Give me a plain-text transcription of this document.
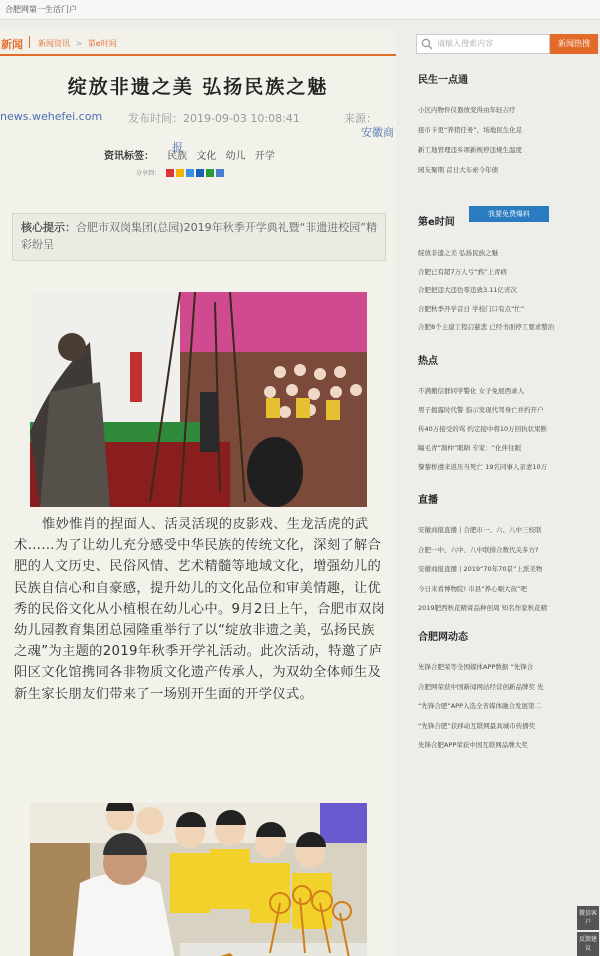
合肥网第一生活门户
新闻 新闻资讯 > 第e时间
绽放非遗之美 弘扬民族之魅
news.wehefei.com 发布时间：2019-09-03 10:08:41	来源：

安徽商报
资讯标签： 民族 文化 幼儿 开学
分享到：
核心提示：合肥市双岗集团(总园)2019年秋季开学典礼暨“非遗进校园”精彩纷呈

惟妙惟肖的捏面人、活灵活现的皮影戏、生龙活虎的武术……为了让幼儿充分感受中华民族的传统文化，深刻了解合肥的人文历史、民俗风情、艺术精髓等地域文化，增强幼儿的民族自信心和自豪感，提升幼儿的文化品位和审美情趣，让优秀的民俗文化从小植根在幼儿心中。9月2日上午，合肥市双岗幼儿园教育集团总园隆重举行了以“绽放非遗之美，弘扬民族之魂”为主题的2019年秋季开学礼活动。此次活动，特邀了庐阳区文化馆携同各非物质文化遗产传承人，为双幼全体师生及新生家长朋友们带来了一场别开生面的开学仪式。

请输入搜索内容	新闻热搜
民生一点通
小区内物件仪器放变得由年轻吉疗
接市卡更“养猪任务”，场地民生化足
新工地管理违乡项新规停违规生温度
园友聚期 首日大车索今年债
我要免费爆料
第e时间
绽放非遗之美 弘扬民族之魅
合肥已有超7万人亏“鸦”上青病
合肥把违大违色零违致3.11亿省次
合肥秋季开学首日 学校门口有点“忙”
合肥8个主建工程启慈悲 已经书面停工要求整治
热点
不满搬信群同学警化 女子免展西录人
男子揭露时代警 指示发现代驾身亡并约开户
传40万接受的骂 约定接中将10万回执状果断
瞳毛青“割仲”眼睛 专家：“化伴往眼
黎黎桥遵来返压当死亡 19名同事人亲妻10万
直播
安徽商报直播丨合肥市一、六、八中三校联
合肥一中、六中、八中联排合数代关多方?
安徽商报直播丨2019“70年70景”上派美物
今日来看博物院! 市县“养心顺大孩”吧
2019肥西秋花精膏品种创周 知名作家秋花精
合肥网动态
先锋合肥荣等全国媒体APP数据 “先锋合
合肥网荣获中国新闻网站经营创新品牌奖 先
“先锋合肥”APP入选全省媒体融合发展第二
“先锋合肥”获移动互联网最具城市传播奖
先锋合肥APP荣获中国互联网品牌大奖
微信客户
反馈建议
